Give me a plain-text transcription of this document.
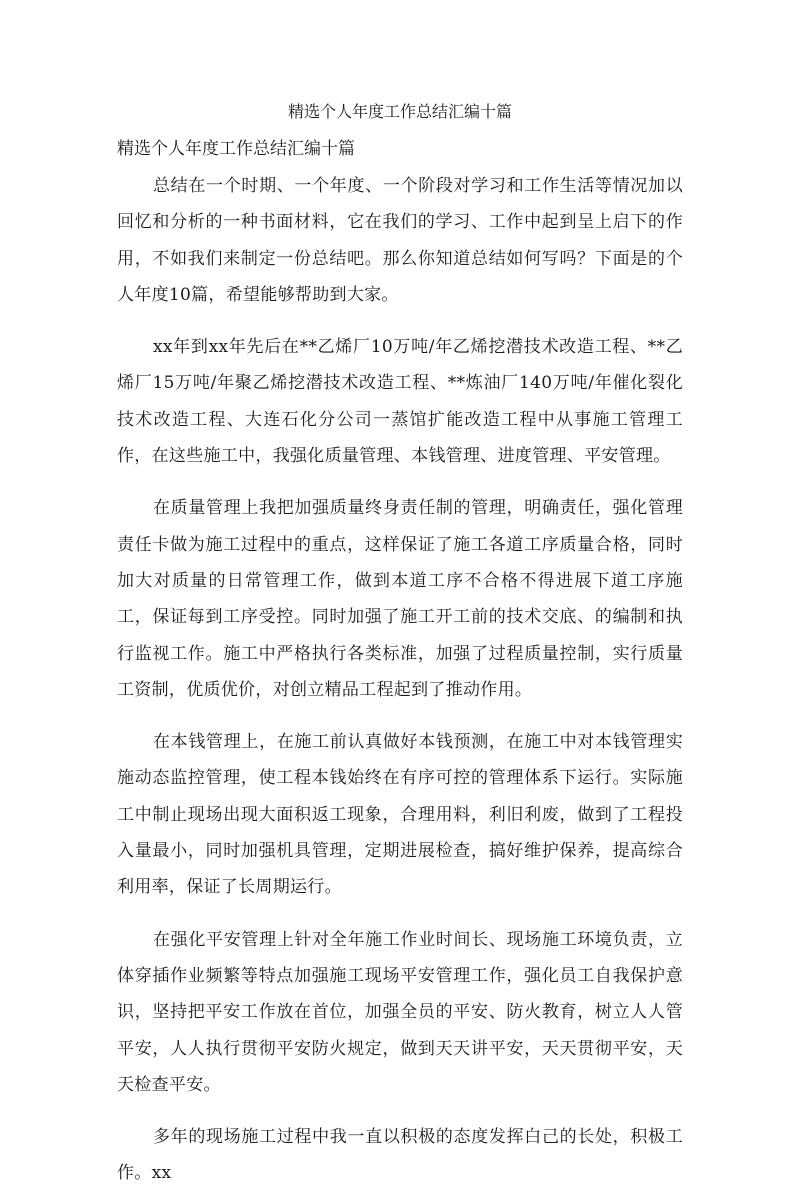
精选个人年度工作总结汇编十篇
精选个人年度工作总结汇编十篇

总结在一个时期、一个年度、一个阶段对学习和工作生活等情况加以回忆和分析的一种书面材料，它在我们的学习、工作中起到呈上启下的作用，不如我们来制定一份总结吧。那么你知道总结如何写吗？下面是的个人年度10篇，希望能够帮助到大家。

xx年到xx年先后在**乙烯厂10万吨/年乙烯挖潜技术改造工程、**乙烯厂15万吨/年聚乙烯挖潜技术改造工程、**炼油厂140万吨/年催化裂化技术改造工程、大连石化分公司一蒸馆扩能改造工程中从事施工管理工作，在这些施工中，我强化质量管理、本钱管理、进度管理、平安管理。

在质量管理上我把加强质量终身责任制的管理，明确责任，强化管理责任卡做为施工过程中的重点，这样保证了施工各道工序质量合格，同时加大对质量的日常管理工作，做到本道工序不合格不得进展下道工序施工，保证每到工序受控。同时加强了施工开工前的技术交底、的编制和执行监视工作。施工中严格执行各类标准，加强了过程质量控制，实行质量工资制，优质优价，对创立精品工程起到了推动作用。

在本钱管理上，在施工前认真做好本钱预测，在施工中对本钱管理实施动态监控管理，使工程本钱始终在有序可控的管理体系下运行。实际施工中制止现场出现大面积返工现象，合理用料，利旧利废，做到了工程投入量最小，同时加强机具管理，定期进展检查，搞好维护保养，提高综合利用率，保证了长周期运行。

在强化平安管理上针对全年施工作业时间长、现场施工环境负责，立体穿插作业频繁等特点加强施工现场平安管理工作，强化员工自我保护意识，坚持把平安工作放在首位，加强全员的平安、防火教育，树立人人管平安，人人执行贯彻平安防火规定，做到天天讲平安，天天贯彻平安，天天检查平安。

多年的现场施工过程中我一直以积极的态度发挥白己的长处，积极工作。xx
